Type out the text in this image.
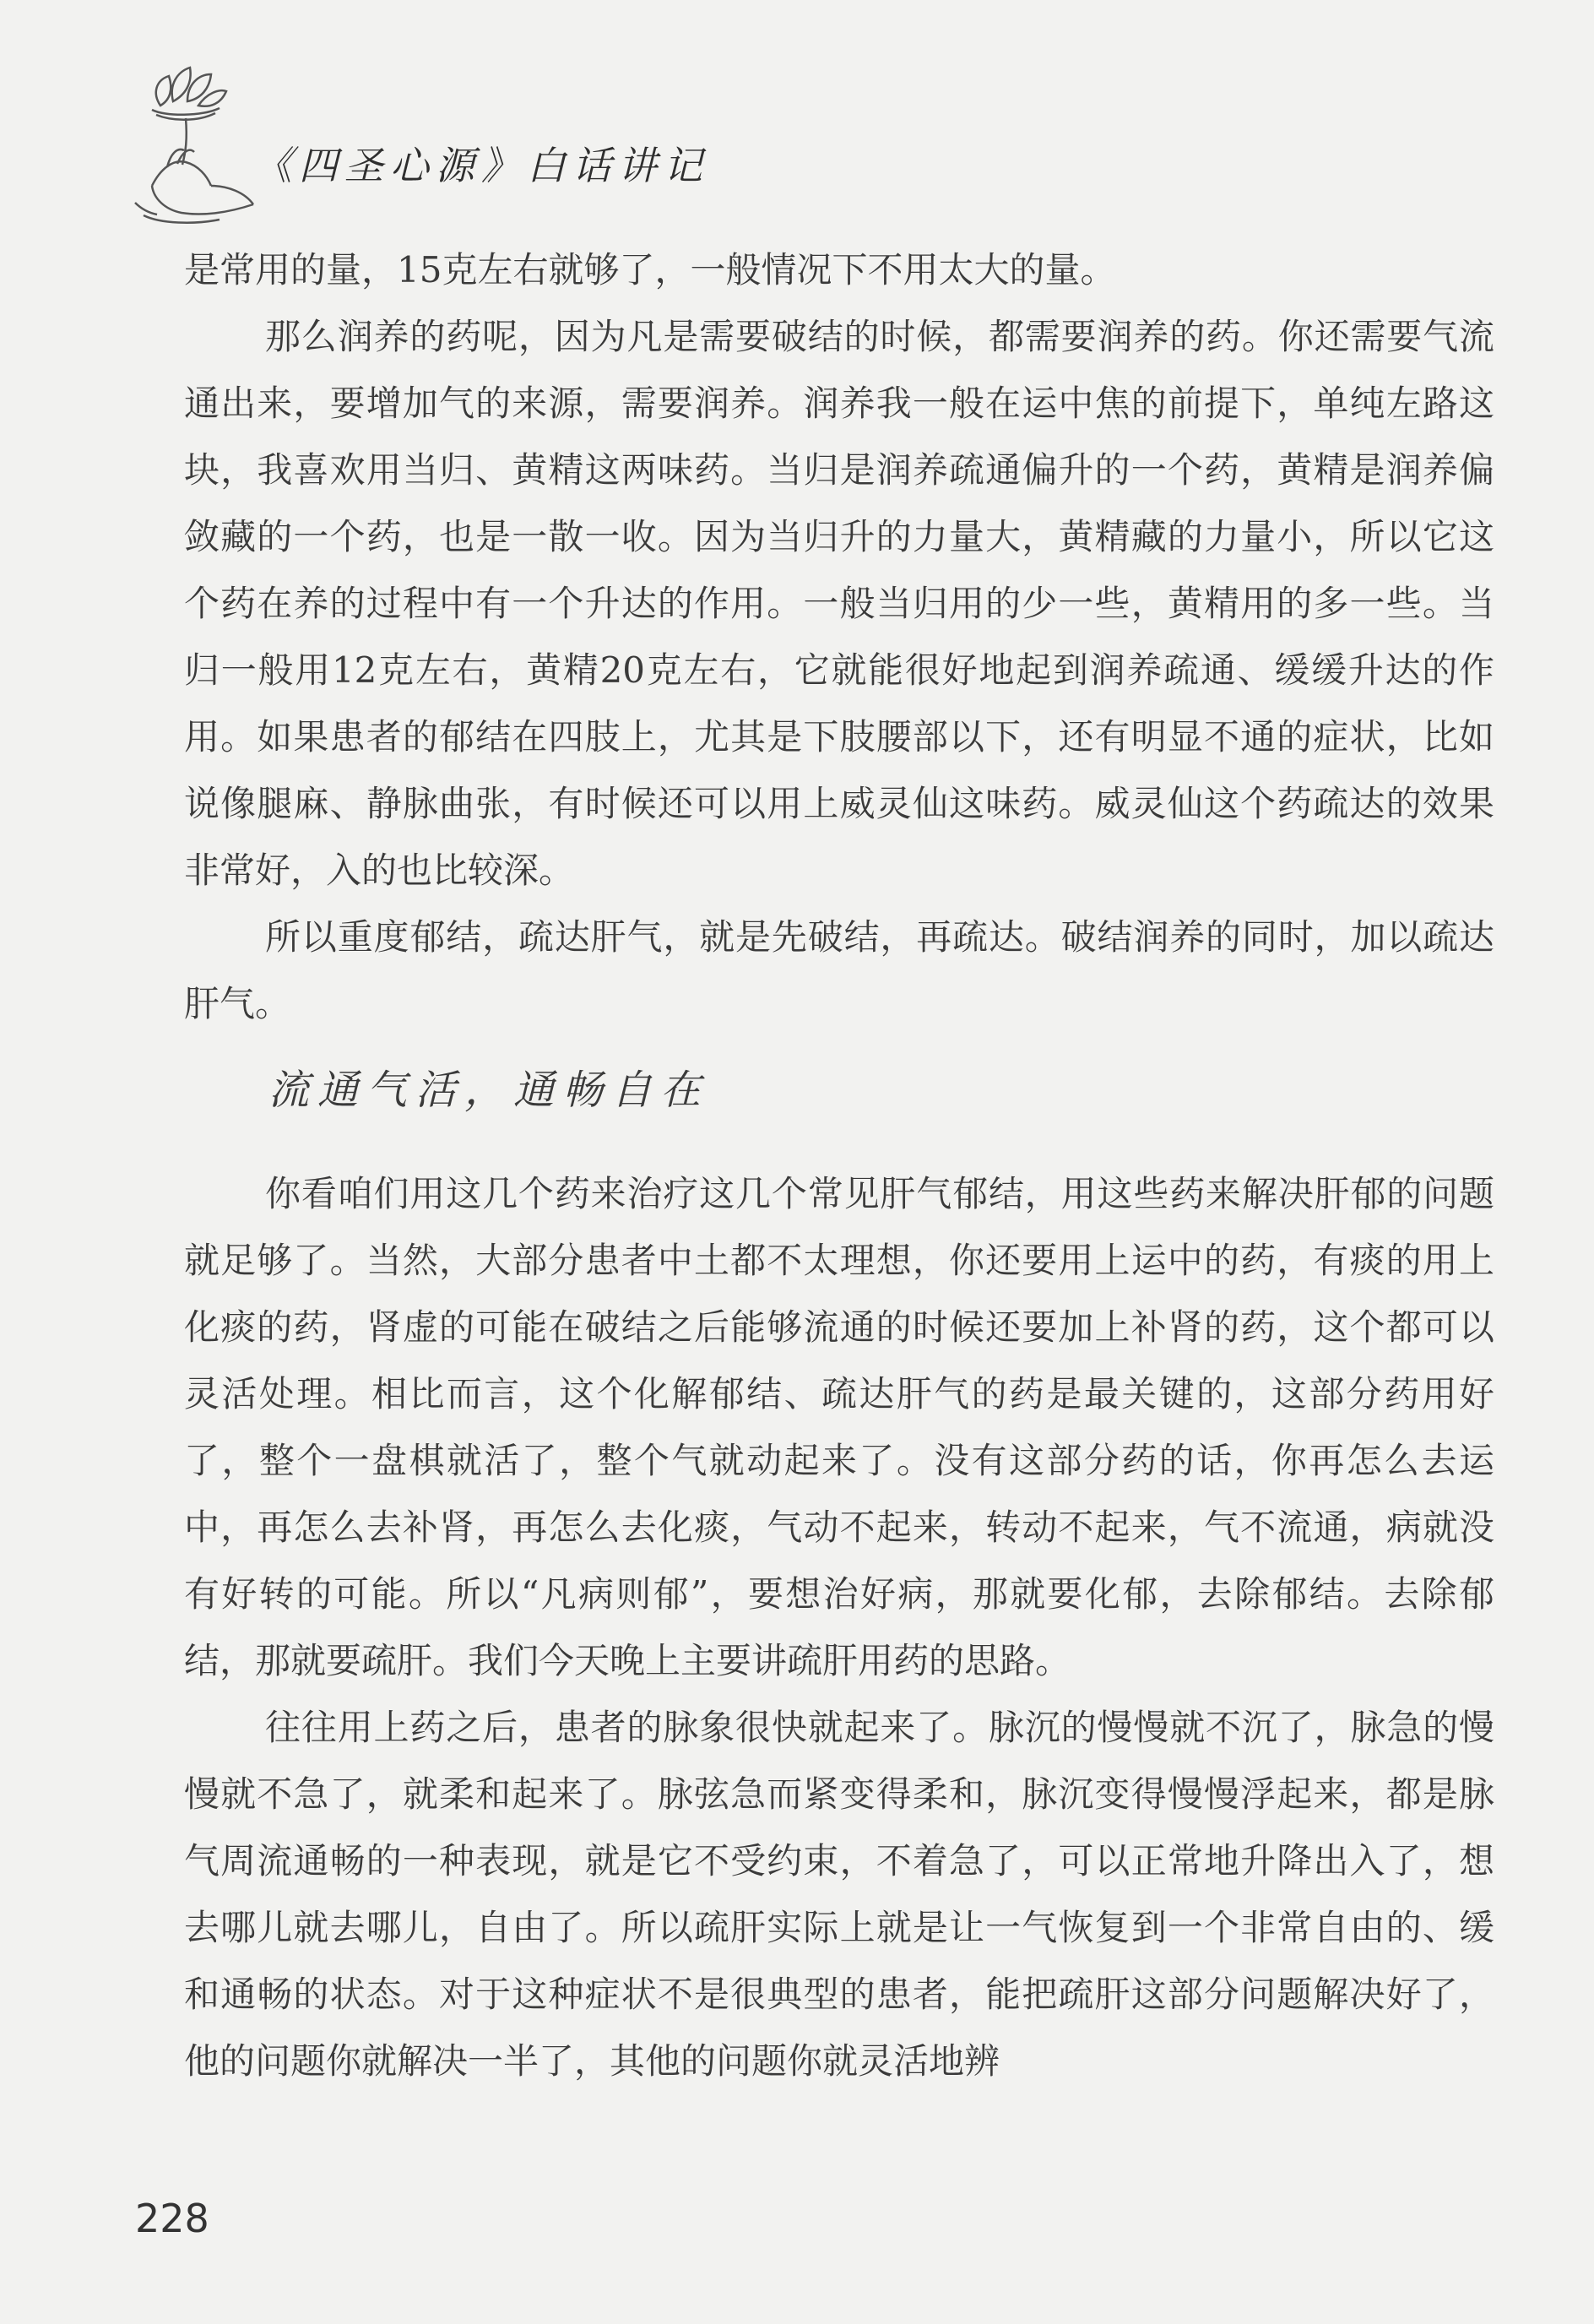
《四圣心源》白话讲记

是常用的量，15克左右就够了，一般情况下不用太大的量。

那么润养的药呢，因为凡是需要破结的时候，都需要润养的药。你还需要气流通出来，要增加气的来源，需要润养。润养我一般在运中焦的前提下，单纯左路这块，我喜欢用当归、黄精这两味药。当归是润养疏通偏升的一个药，黄精是润养偏敛藏的一个药，也是一散一收。因为当归升的力量大，黄精藏的力量小，所以它这个药在养的过程中有一个升达的作用。一般当归用的少一些，黄精用的多一些。当归一般用12克左右，黄精20克左右，它就能很好地起到润养疏通、缓缓升达的作用。如果患者的郁结在四肢上，尤其是下肢腰部以下，还有明显不通的症状，比如说像腿麻、静脉曲张，有时候还可以用上威灵仙这味药。威灵仙这个药疏达的效果非常好，入的也比较深。

所以重度郁结，疏达肝气，就是先破结，再疏达。破结润养的同时，加以疏达肝气。

流通气活，通畅自在

你看咱们用这几个药来治疗这几个常见肝气郁结，用这些药来解决肝郁的问题就足够了。当然，大部分患者中土都不太理想，你还要用上运中的药，有痰的用上化痰的药，肾虚的可能在破结之后能够流通的时候还要加上补肾的药，这个都可以灵活处理。相比而言，这个化解郁结、疏达肝气的药是最关键的，这部分药用好了，整个一盘棋就活了，整个气就动起来了。没有这部分药的话，你再怎么去运中，再怎么去补肾，再怎么去化痰，气动不起来，转动不起来，气不流通，病就没有好转的可能。所以“凡病则郁”，要想治好病，那就要化郁，去除郁结。去除郁结，那就要疏肝。我们今天晚上主要讲疏肝用药的思路。

往往用上药之后，患者的脉象很快就起来了。脉沉的慢慢就不沉了，脉急的慢慢就不急了，就柔和起来了。脉弦急而紧变得柔和，脉沉变得慢慢浮起来，都是脉气周流通畅的一种表现，就是它不受约束，不着急了，可以正常地升降出入了，想去哪儿就去哪儿，自由了。所以疏肝实际上就是让一气恢复到一个非常自由的、缓和通畅的状态。对于这种症状不是很典型的患者，能把疏肝这部分问题解决好了，他的问题你就解决一半了，其他的问题你就灵活地辨

228
